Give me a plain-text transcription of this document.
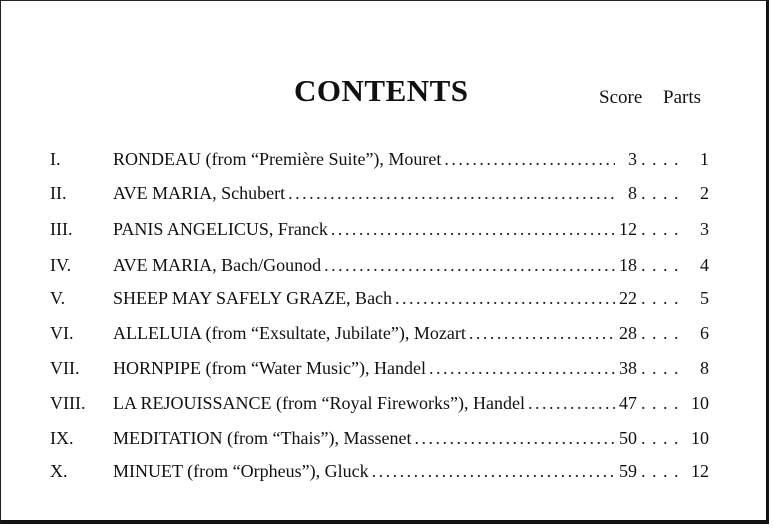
CONTENTS	Score Parts
I.	RONDEAU (from “Première Suite”), Mouret . . .	3 . . . .	1
II.	AVE MARIA, Schubert . . .	8 . . . .	2
III. PANIS ANGELICUS, Franck . . .	12 . . . .	3
IV. AVE MARIA, Bach/Gounod . . .	18 . . . .	4
V.	SHEEP MAY SAFELY GRAZE, Bach . . .	22 . . . .	5
VI. ALLELUIA (from “Exsultate, Jubilate”), Mozart . . .	28 . . . .	6
VII. HORNPIPE (from “Water Music”), Handel . . .	38 . . . .	8
VIII. LA REJOUISSANCE (from “Royal Fireworks”), Handel . . .	47 . . . . 10
IX. MEDITATION (from “Thais”), Massenet . . .	50 . . . . 10
X.	MINUET (from “Orpheus”), Gluck . . .	59 . . . . 12
